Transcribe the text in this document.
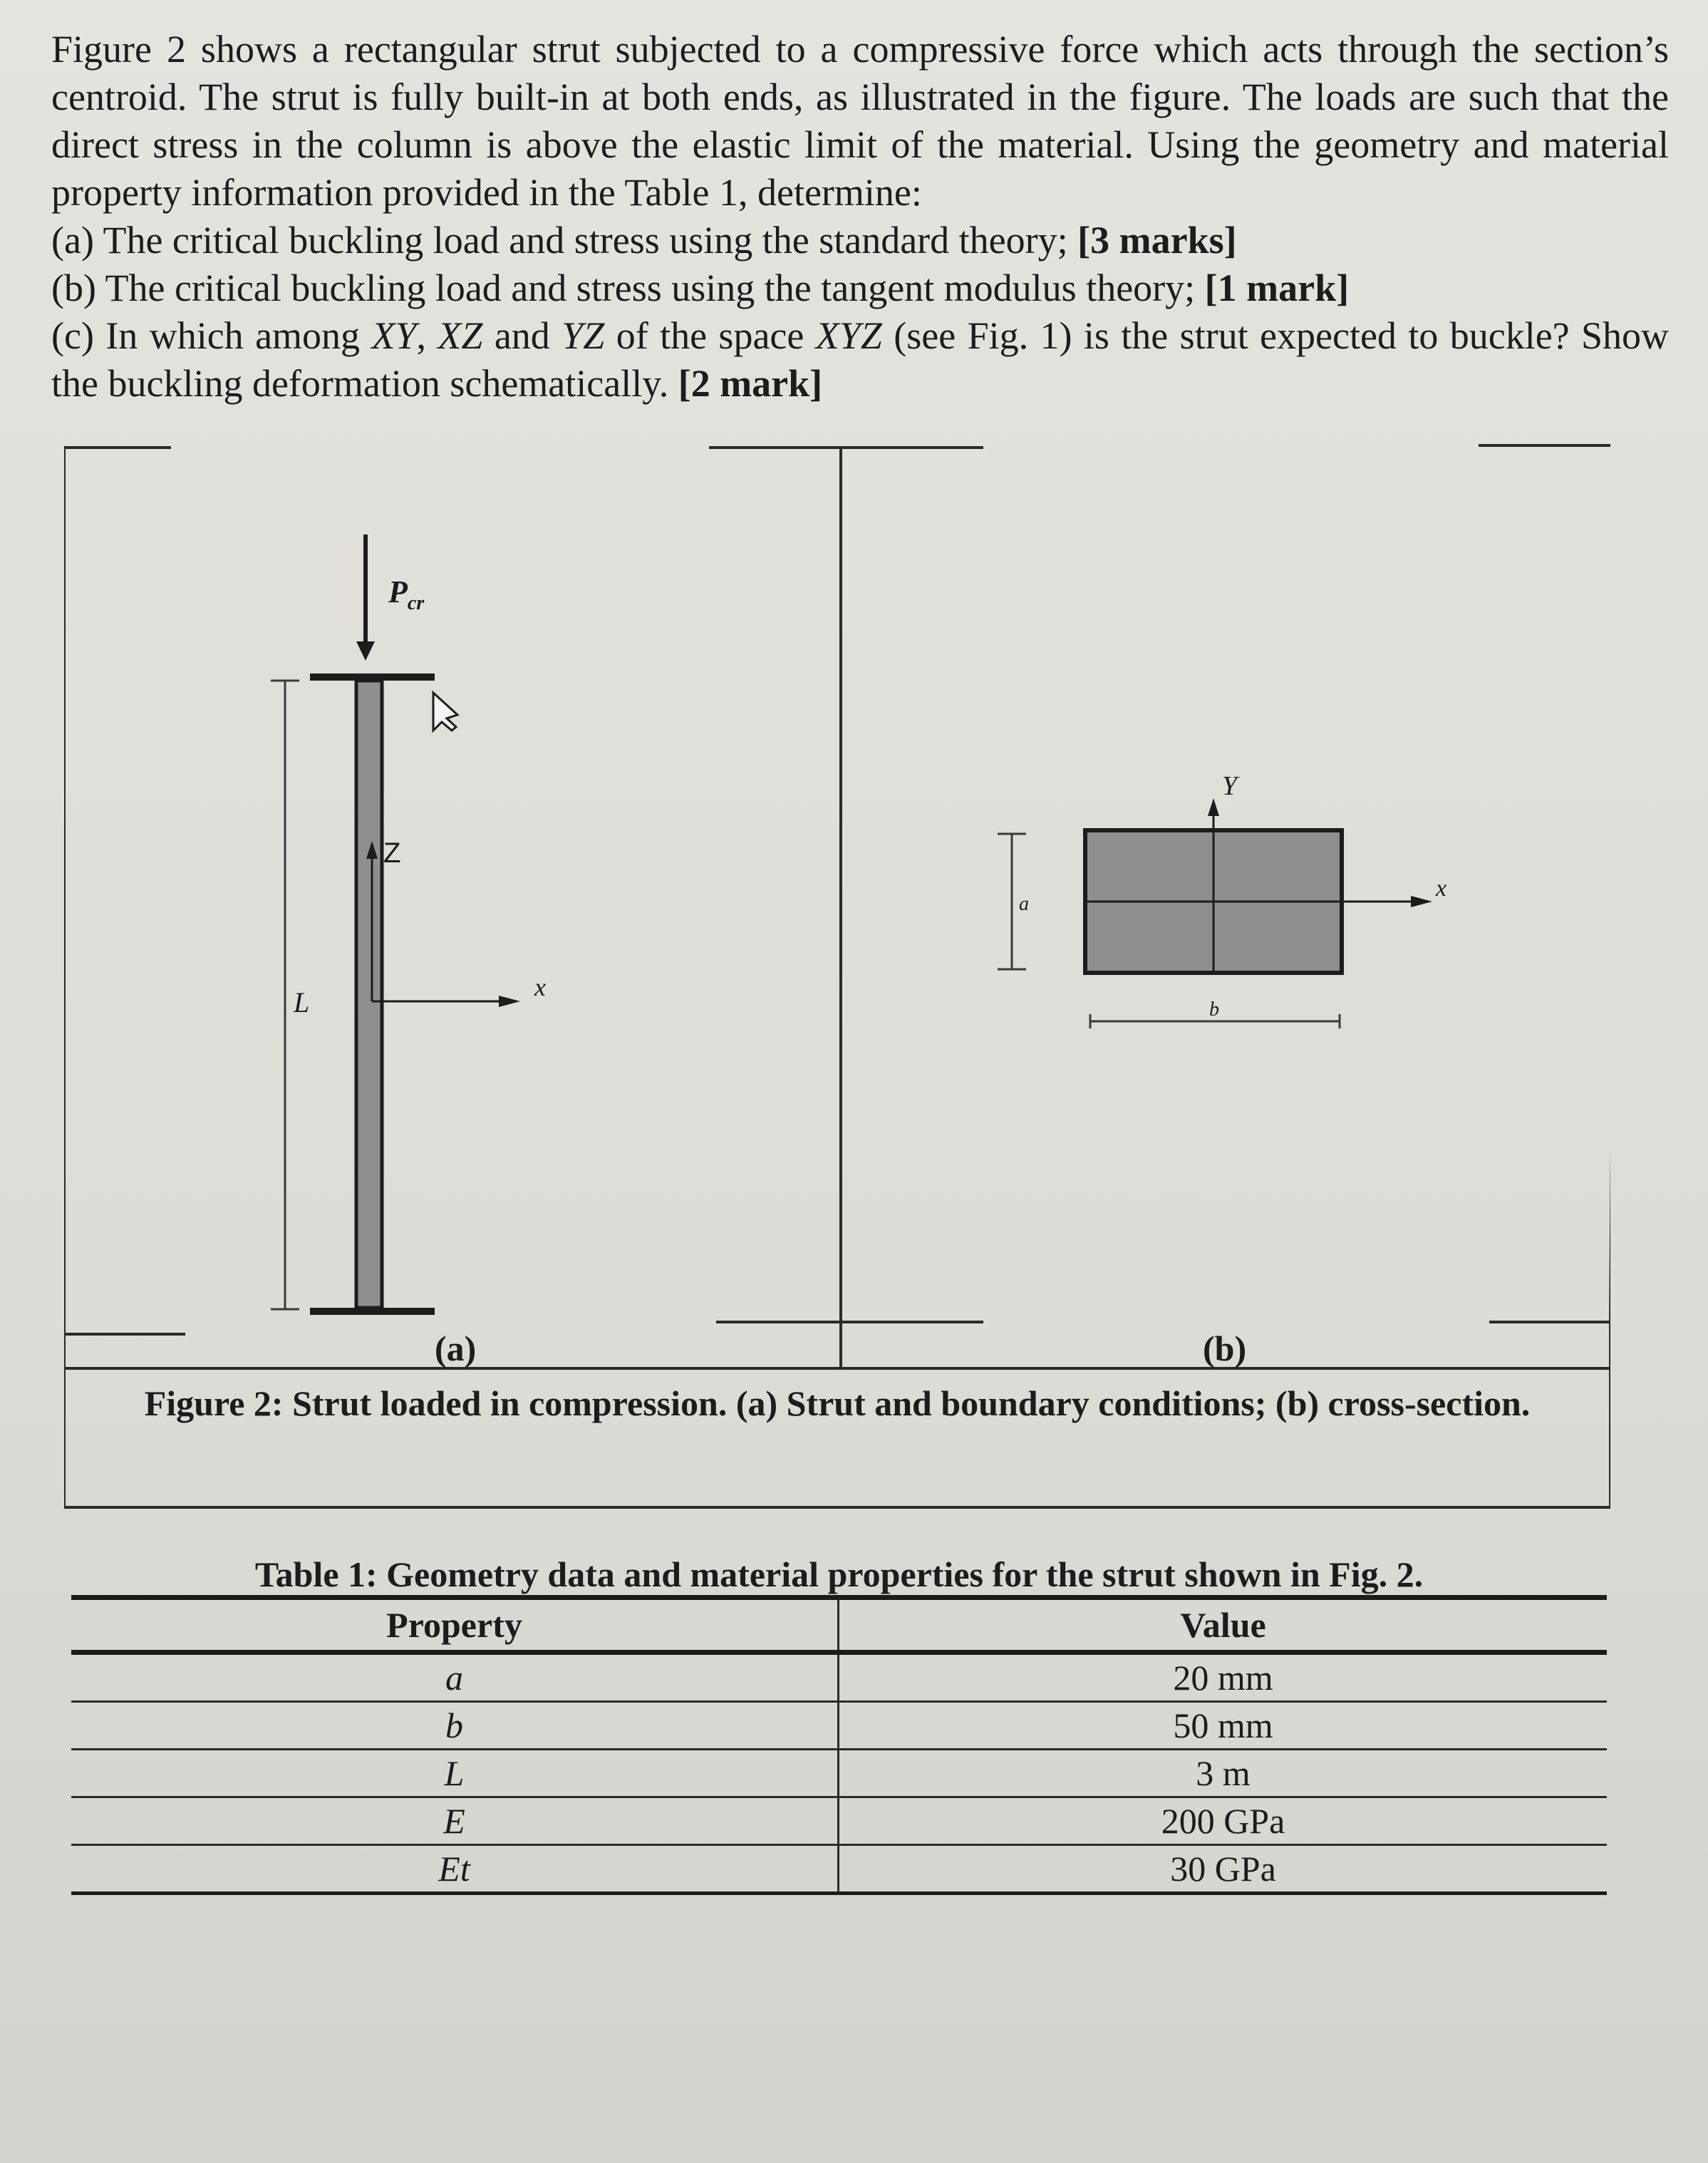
Figure 2 shows a rectangular strut subjected to a compressive force which acts through the section’s centroid. The strut is fully built-in at both ends, as illustrated in the figure. The loads are such that the direct stress in the column is above the elastic limit of the material. Using the geometry and material property information provided in the Table 1, determine:

(a) The critical buckling load and stress using the standard theory; [3 marks]

(b) The critical buckling load and stress using the tangent modulus theory; [1 mark]

(c) In which among XY, XZ and YZ of the space XYZ (see Fig. 1) is the strut expected to buckle? Show the buckling deformation schematically. [2 mark]

$P_{cr}$
Z
x
L
Y
x
a
b
(a)	(b)
Figure 2: Strut loaded in compression. (a) Strut and boundary conditions; (b) cross-section.
Table 1: Geometry data and material properties for the strut shown in Fig. 2.
Property	Value
a	20 mm
b	50 mm
L	3 m
E	200 GPa
Et	30 GPa
